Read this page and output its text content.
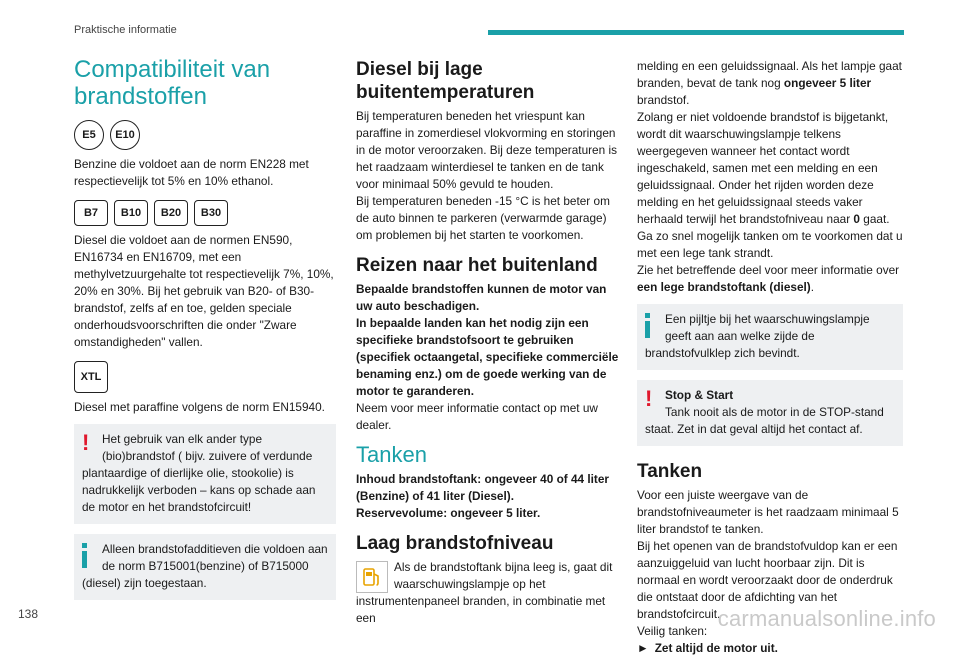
Praktische informatie
Compatibiliteit van brandstoffen
E5	E10

Benzine die voldoet aan de norm EN228 met respectievelijk tot 5% en 10% ethanol.

B7	B10	B20	B30

Diesel die voldoet aan de normen EN590, EN16734 en EN16709, met een methylvetzuurgehalte tot respectievelijk 7%, 10%, 20% en 30%. Bij het gebruik van B20- of B30-brandstof, zelfs af en toe, gelden speciale onderhoudsvoorschriften die onder "Zware omstandigheden" vallen.

XTL

Diesel met paraffine volgens de norm EN15940.

!	Het gebruik van elk ander type (bio)brandstof ( bijv. zuivere of verdunde plantaardige of dierlijke olie, stookolie) is nadrukkelijk verboden – kans op schade aan de motor en het brandstofcircuit!
Alleen brandstofadditieven die voldoen aan de norm B715001(benzine) of B715000 (diesel) zijn toegestaan.
Diesel bij lage buitentemperaturen

Bij temperaturen beneden het vriespunt kan paraffine in zomerdiesel vlokvorming en storingen in de motor veroorzaken. Bij deze temperaturen is het raadzaam winterdiesel te tanken en de tank voor minimaal 50% gevuld te houden.

Bij temperaturen beneden -15 °C is het beter om de auto binnen te parkeren (verwarmde garage) om problemen bij het starten te voorkomen.

Reizen naar het buitenland

Bepaalde brandstoffen kunnen de motor van uw auto beschadigen.

In bepaalde landen kan het nodig zijn een specifieke brandstofsoort te gebruiken (specifiek octaangetal, specifieke commerciële benaming enz.) om de goede werking van de motor te garanderen.

Neem voor meer informatie contact op met uw dealer.

Tanken

Inhoud brandstoftank: ongeveer 40 of 44 liter (Benzine) of 41 liter (Diesel).

Reservevolume: ongeveer 5 liter.

Laag brandstofniveau

Als de brandstoftank bijna leeg is, gaat dit waarschuwingslampje op het instrumentenpaneel branden, in combinatie met een

melding en een geluidssignaal. Als het lampje gaat branden, bevat de tank nog ongeveer 5 liter brandstof.

Zolang er niet voldoende brandstof is bijgetankt, wordt dit waarschuwingslampje telkens weergegeven wanneer het contact wordt ingeschakeld, samen met een melding en een geluidssignaal. Onder het rijden worden deze melding en het geluidssignaal steeds vaker herhaald terwijl het brandstofniveau naar 0 gaat.

Ga zo snel mogelijk tanken om te voorkomen dat u met een lege tank strandt.

Zie het betreffende deel voor meer informatie over een lege brandstoftank (diesel).

Een pijltje bij het waarschuwingslampje geeft aan aan welke zijde de brandstofvulklep zich bevindt.
!	Stop & Start
Tank nooit als de motor in de STOP-stand staat. Zet in dat geval altijd het contact af.
Tanken

Voor een juiste weergave van de brandstofniveaumeter is het raadzaam minimaal 5 liter brandstof te tanken.

Bij het openen van de brandstofvuldop kan er een aanzuiggeluid van lucht hoorbaar zijn. Dit is normaal en wordt veroorzaakt door de onderdruk die ontstaat door de afdichting van het brandstofcircuit.

Veilig tanken:

► Zet altijd de motor uit.

138	carmanualsonline.info
